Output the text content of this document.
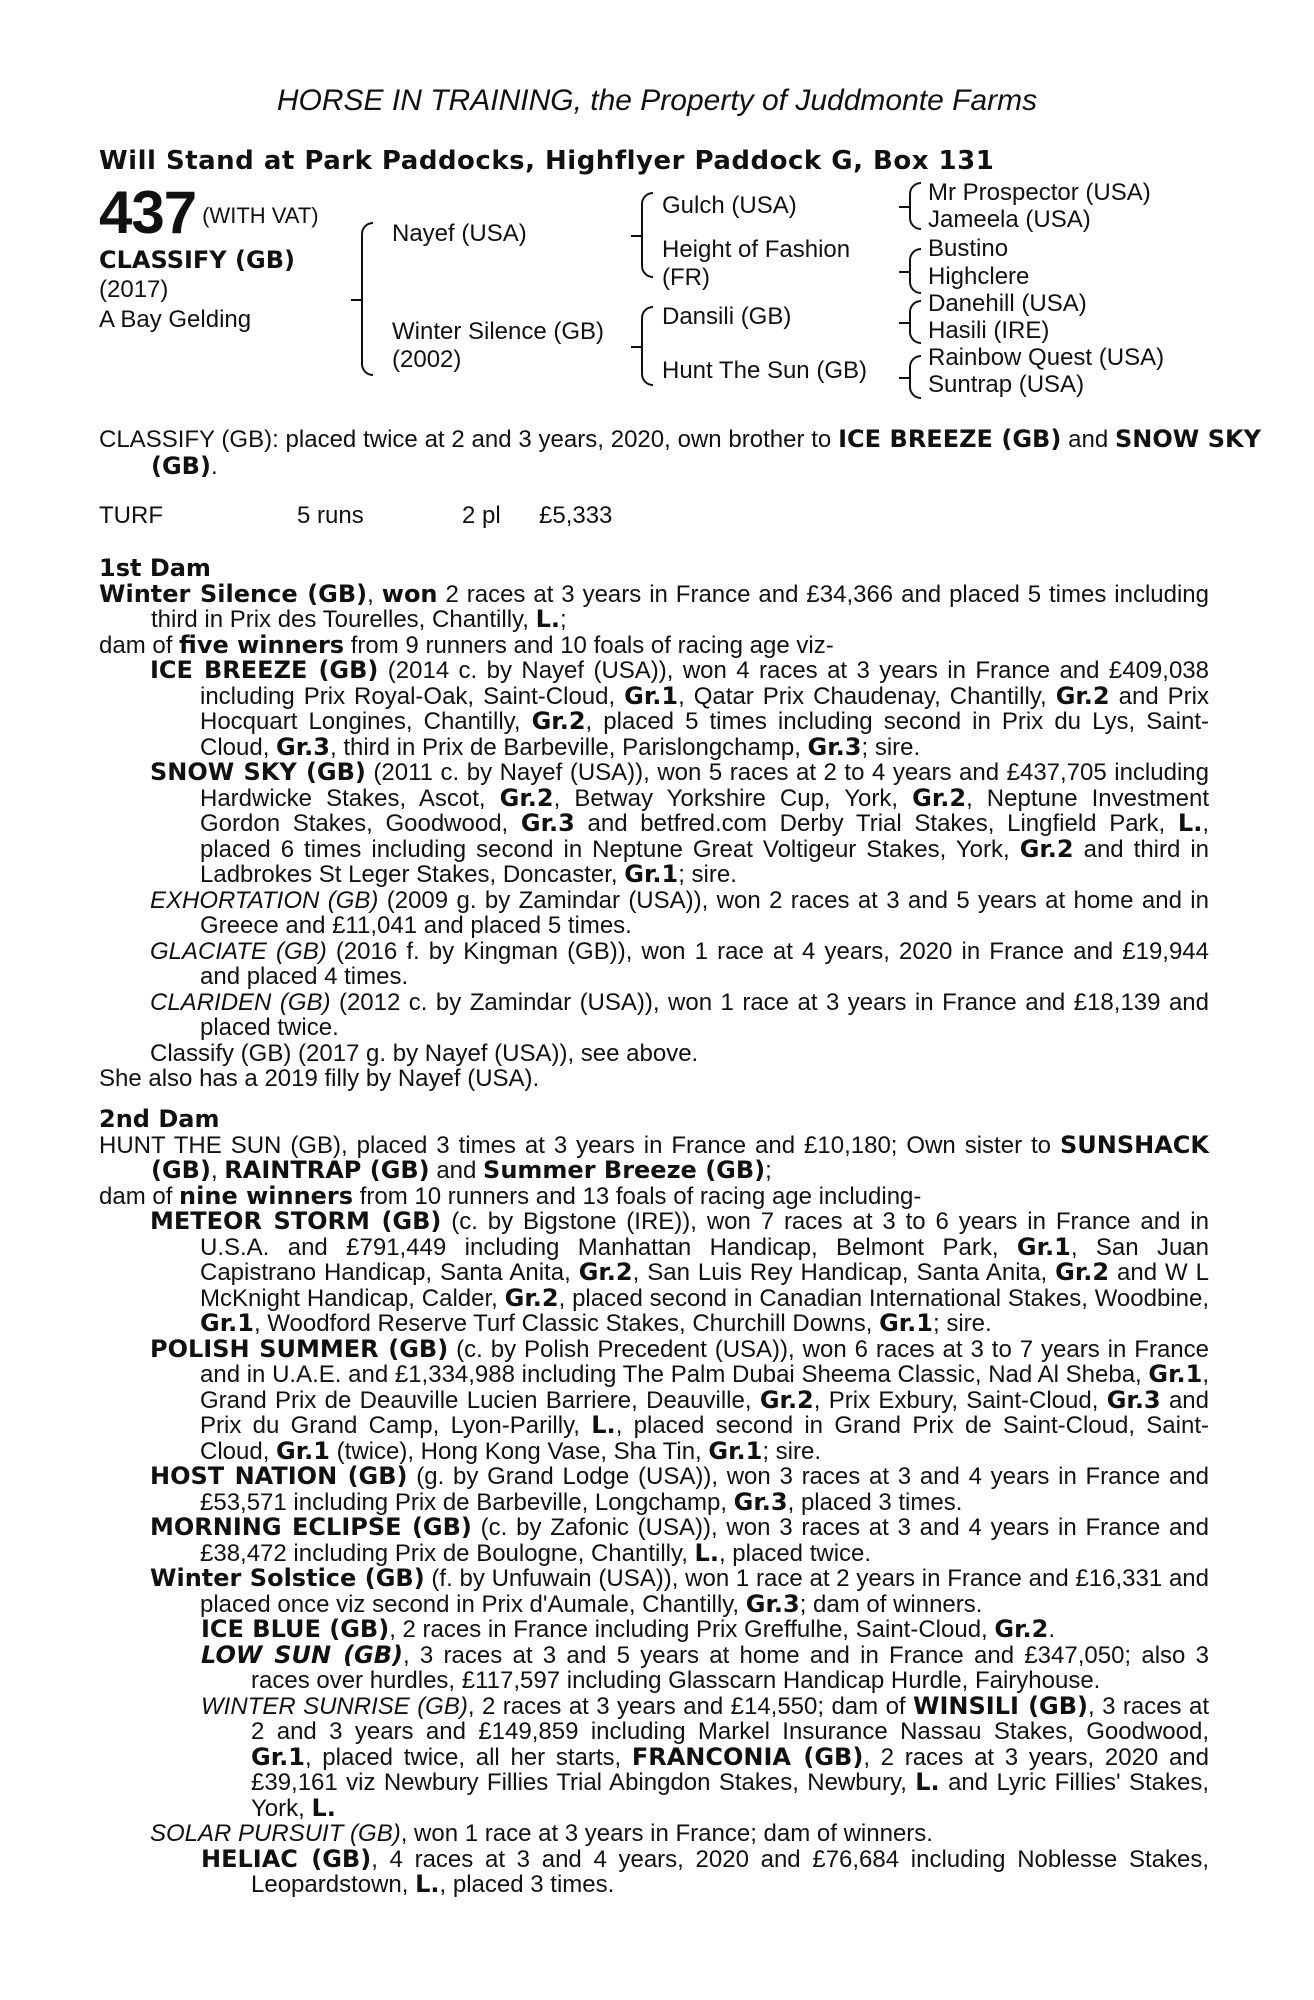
HORSE IN TRAINING, the Property of Juddmonte Farms
Will Stand at Park Paddocks, Highflyer Paddock G, Box 131
437 (WITH VAT)
CLASSIFY (GB)
(2017)
A Bay Gelding
Nayef (USA)
Winter Silence (GB)
(2002)
Gulch (USA)
Height of Fashion
(FR)
Dansili (GB)
Hunt The Sun (GB)
Mr Prospector (USA)
Jameela (USA)
Bustino
Highclere
Danehill (USA)
Hasili (IRE)
Rainbow Quest (USA)
Suntrap (USA)
CLASSIFY (GB): placed twice at 2 and 3 years, 2020, own brother to ICE BREEZE (GB) and SNOW SKY (GB).
TURF	5 runs	2 pl £5,333

1st Dam

Winter Silence (GB), won 2 races at 3 years in France and £34,366 and placed 5 times including third in Prix des Tourelles, Chantilly, L.;

dam of five winners from 9 runners and 10 foals of racing age viz-

ICE BREEZE (GB) (2014 c. by Nayef (USA)), won 4 races at 3 years in France and £409,038 including Prix Royal-Oak, Saint-Cloud, Gr.1, Qatar Prix Chaudenay, Chantilly, Gr.2 and Prix Hocquart Longines, Chantilly, Gr.2, placed 5 times including second in Prix du Lys, Saint-Cloud, Gr.3, third in Prix de Barbeville, Parislongchamp, Gr.3; sire.

SNOW SKY (GB) (2011 c. by Nayef (USA)), won 5 races at 2 to 4 years and £437,705 including Hardwicke Stakes, Ascot, Gr.2, Betway Yorkshire Cup, York, Gr.2, Neptune Investment Gordon Stakes, Goodwood, Gr.3 and betfred.com Derby Trial Stakes, Lingfield Park, L., placed 6 times including second in Neptune Great Voltigeur Stakes, York, Gr.2 and third in Ladbrokes St Leger Stakes, Doncaster, Gr.1; sire.

EXHORTATION (GB) (2009 g. by Zamindar (USA)), won 2 races at 3 and 5 years at home and in Greece and £11,041 and placed 5 times.

GLACIATE (GB) (2016 f. by Kingman (GB)), won 1 race at 4 years, 2020 in France and £19,944 and placed 4 times.

CLARIDEN (GB) (2012 c. by Zamindar (USA)), won 1 race at 3 years in France and £18,139 and placed twice.

Classify (GB) (2017 g. by Nayef (USA)), see above.

She also has a 2019 filly by Nayef (USA).

2nd Dam

HUNT THE SUN (GB), placed 3 times at 3 years in France and £10,180; Own sister to SUNSHACK (GB), RAINTRAP (GB) and Summer Breeze (GB);

dam of nine winners from 10 runners and 13 foals of racing age including-

METEOR STORM (GB) (c. by Bigstone (IRE)), won 7 races at 3 to 6 years in France and in U.S.A. and £791,449 including Manhattan Handicap, Belmont Park, Gr.1, San Juan Capistrano Handicap, Santa Anita, Gr.2, San Luis Rey Handicap, Santa Anita, Gr.2 and W L McKnight Handicap, Calder, Gr.2, placed second in Canadian International Stakes, Woodbine, Gr.1, Woodford Reserve Turf Classic Stakes, Churchill Downs, Gr.1; sire.

POLISH SUMMER (GB) (c. by Polish Precedent (USA)), won 6 races at 3 to 7 years in France and in U.A.E. and £1,334,988 including The Palm Dubai Sheema Classic, Nad Al Sheba, Gr.1, Grand Prix de Deauville Lucien Barriere, Deauville, Gr.2, Prix Exbury, Saint-Cloud, Gr.3 and Prix du Grand Camp, Lyon-Parilly, L., placed second in Grand Prix de Saint-Cloud, Saint-Cloud, Gr.1 (twice), Hong Kong Vase, Sha Tin, Gr.1; sire.

HOST NATION (GB) (g. by Grand Lodge (USA)), won 3 races at 3 and 4 years in France and £53,571 including Prix de Barbeville, Longchamp, Gr.3, placed 3 times.

MORNING ECLIPSE (GB) (c. by Zafonic (USA)), won 3 races at 3 and 4 years in France and £38,472 including Prix de Boulogne, Chantilly, L., placed twice.

Winter Solstice (GB) (f. by Unfuwain (USA)), won 1 race at 2 years in France and £16,331 and placed once viz second in Prix d'Aumale, Chantilly, Gr.3; dam of winners.

ICE BLUE (GB), 2 races in France including Prix Greffulhe, Saint-Cloud, Gr.2.

LOW SUN (GB), 3 races at 3 and 5 years at home and in France and £347,050; also 3 races over hurdles, £117,597 including Glasscarn Handicap Hurdle, Fairyhouse.

WINTER SUNRISE (GB), 2 races at 3 years and £14,550; dam of WINSILI (GB), 3 races at 2 and 3 years and £149,859 including Markel Insurance Nassau Stakes, Goodwood, Gr.1, placed twice, all her starts, FRANCONIA (GB), 2 races at 3 years, 2020 and £39,161 viz Newbury Fillies Trial Abingdon Stakes, Newbury, L. and Lyric Fillies' Stakes, York, L.

SOLAR PURSUIT (GB), won 1 race at 3 years in France; dam of winners.

HELIAC (GB), 4 races at 3 and 4 years, 2020 and £76,684 including Noblesse Stakes, Leopardstown, L., placed 3 times.
